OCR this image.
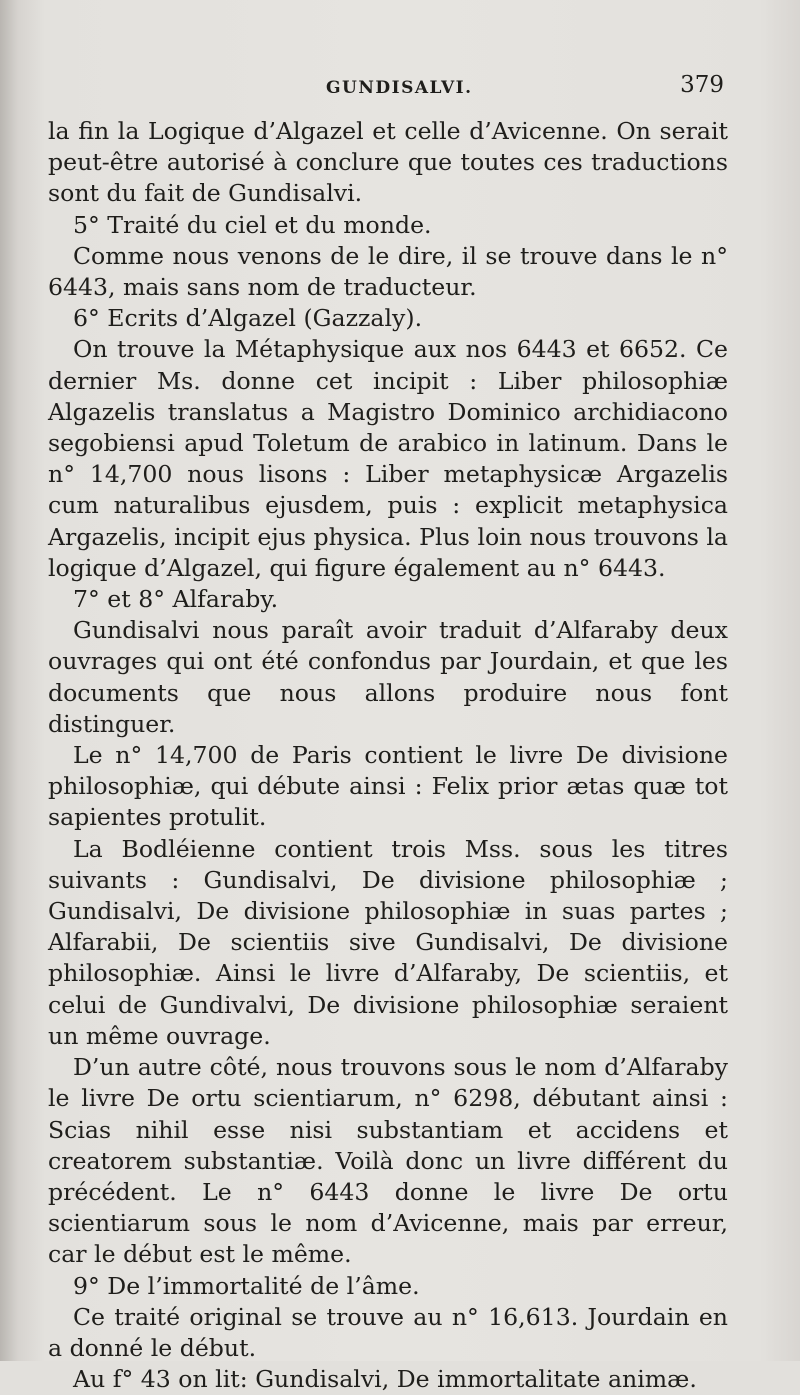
GUNDISALVI.	379

la fin la Logique d’Algazel et celle d’Avicenne. On serait peut-être autorisé à conclure que toutes ces traductions sont du fait de Gundisalvi.

5° Traité du ciel et du monde.

Comme nous venons de le dire, il se trouve dans le n° 6443, mais sans nom de traducteur.

6° Ecrits d’Algazel (Gazzaly).

On trouve la Métaphysique aux nos 6443 et 6652. Ce dernier Ms. donne cet incipit : Liber philosophiæ Algazelis translatus a Magistro Dominico archidiacono segobiensi apud Toletum de arabico in latinum. Dans le n° 14,700 nous lisons : Liber metaphysicæ Argazelis cum naturalibus ejusdem, puis : explicit metaphysica Argazelis, incipit ejus physica. Plus loin nous trouvons la logique d’Algazel, qui figure également au n° 6443.

7° et 8° Alfaraby.

Gundisalvi nous paraît avoir traduit d’Alfaraby deux ouvrages qui ont été confondus par Jourdain, et que les documents que nous allons produire nous font distinguer.

Le n° 14,700 de Paris contient le livre De divisione philosophiæ, qui débute ainsi : Felix prior ætas quæ tot sapientes protulit.

La Bodléienne contient trois Mss. sous les titres suivants : Gundisalvi, De divisione philosophiæ ; Gundisalvi, De divisione philosophiæ in suas partes ; Alfarabii, De scientiis sive Gundisalvi, De divisione philosophiæ. Ainsi le livre d’Alfaraby, De scientiis, et celui de Gundivalvi, De divisione philosophiæ seraient un même ouvrage.

D’un autre côté, nous trouvons sous le nom d’Alfaraby le livre De ortu scientiarum, n° 6298, débutant ainsi : Scias nihil esse nisi substantiam et accidens et creatorem substantiæ. Voilà donc un livre différent du précédent. Le n° 6443 donne le livre De ortu scientiarum sous le nom d’Avicenne, mais par erreur, car le début est le même.

9° De l’immortalité de l’âme.

Ce traité original se trouve au n° 16,613. Jourdain en a donné le début.

Au f° 43 on lit: Gundisalvi, De immortalitate animæ.
